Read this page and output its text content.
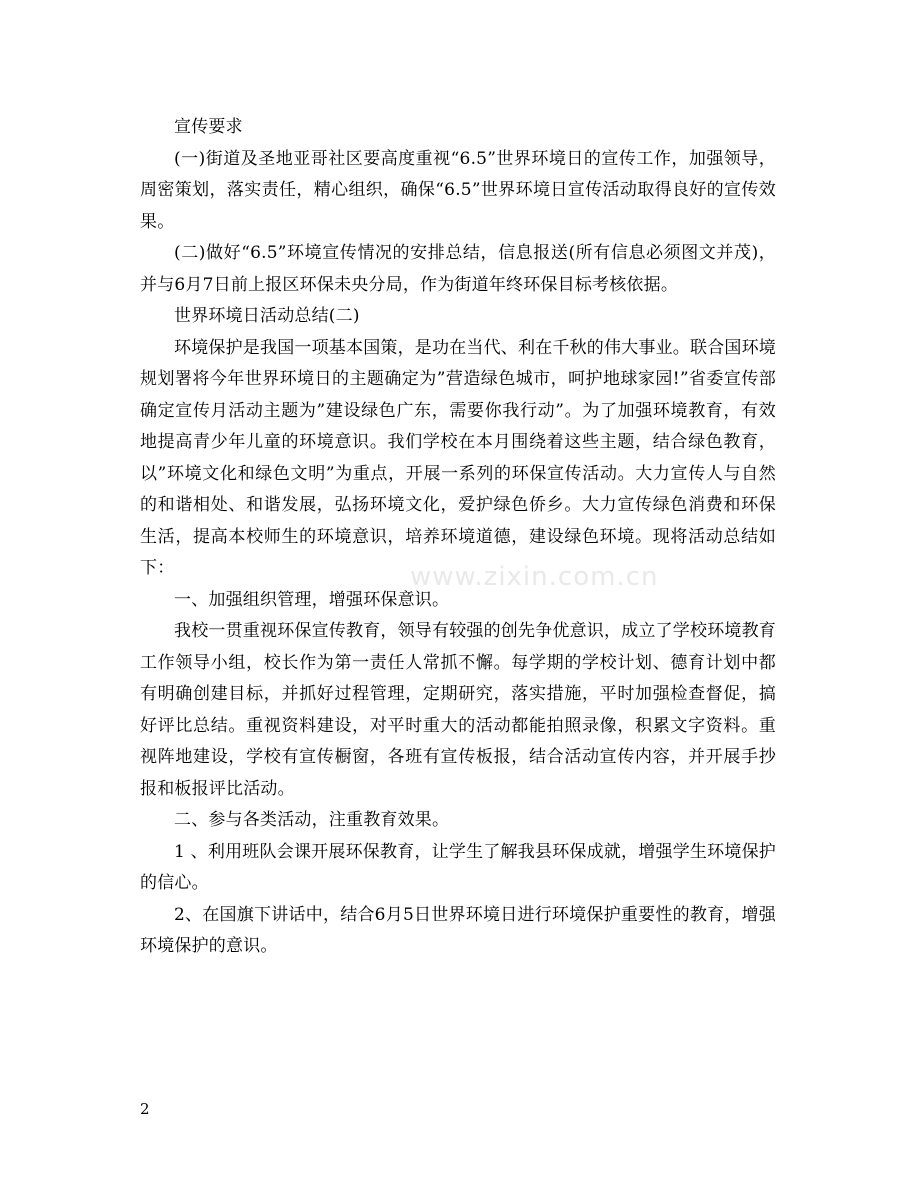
www.zixin.com.cn

宣传要求

(一)街道及圣地亚哥社区要高度重视“6.5”世界环境日的宣传工作，加强领导，周密策划，落实责任，精心组织，确保“6.5”世界环境日宣传活动取得良好的宣传效果。

(二)做好“6.5”环境宣传情况的安排总结，信息报送(所有信息必须图文并茂)，并与6月7日前上报区环保未央分局，作为街道年终环保目标考核依据。

世界环境日活动总结(二)

环境保护是我国一项基本国策，是功在当代、利在千秋的伟大事业。联合国环境规划署将今年世界环境日的主题确定为”营造绿色城市，呵护地球家园!”省委宣传部确定宣传月活动主题为”建设绿色广东，需要你我行动”。为了加强环境教育，有效地提高青少年儿童的环境意识。我们学校在本月围绕着这些主题，结合绿色教育，以”环境文化和绿色文明”为重点，开展一系列的环保宣传活动。大力宣传人与自然的和谐相处、和谐发展，弘扬环境文化，爱护绿色侨乡。大力宣传绿色消费和环保生活，提高本校师生的环境意识，培养环境道德，建设绿色环境。现将活动总结如下：

一、加强组织管理，增强环保意识。

我校一贯重视环保宣传教育，领导有较强的创先争优意识，成立了学校环境教育工作领导小组，校长作为第一责任人常抓不懈。每学期的学校计划、德育计划中都有明确创建目标，并抓好过程管理，定期研究，落实措施，平时加强检查督促，搞好评比总结。重视资料建设，对平时重大的活动都能拍照录像，积累文字资料。重视阵地建设，学校有宣传橱窗，各班有宣传板报，结合活动宣传内容，并开展手抄报和板报评比活动。

二、参与各类活动，注重教育效果。

1 、利用班队会课开展环保教育，让学生了解我县环保成就，增强学生环境保护的信心。

2、在国旗下讲话中，结合6月5日世界环境日进行环境保护重要性的教育，增强环境保护的意识。

2
